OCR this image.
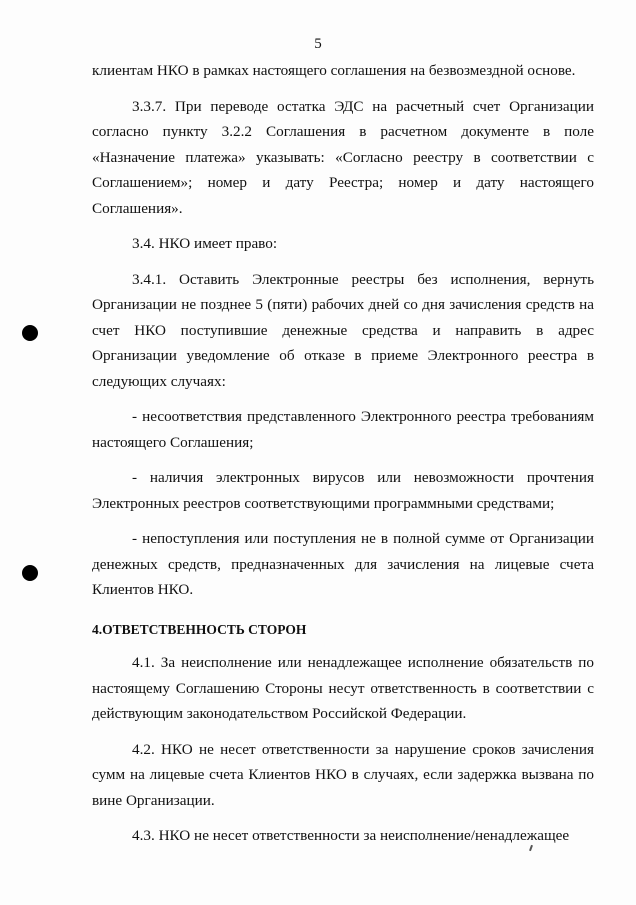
5

клиентам НКО в рамках настоящего соглашения на безвозмездной основе.

3.3.7. При переводе остатка ЭДС на расчетный счет Организации согласно пункту 3.2.2 Соглашения в расчетном документе в поле «Назначение платежа» указывать: «Согласно реестру в соответствии с Соглашением»; номер и дату Реестра; номер и дату настоящего Соглашения».

3.4. НКО имеет право:

3.4.1. Оставить Электронные реестры без исполнения, вернуть Организации не позднее 5 (пяти) рабочих дней со дня зачисления средств на счет НКО поступившие денежные средства и направить в адрес Организации уведомление об отказе в приеме Электронного реестра в следующих случаях:

- несоответствия представленного Электронного реестра требованиям настоящего Соглашения;

- наличия электронных вирусов или невозможности прочтения Электронных реестров соответствующими программными средствами;

- непоступления или поступления не в полной сумме от Организации денежных средств, предназначенных для зачисления на лицевые счета Клиентов НКО.

4.ОТВЕТСТВЕННОСТЬ СТОРОН

4.1. За неисполнение или ненадлежащее исполнение обязательств по настоящему Соглашению Стороны несут ответственность в соответствии с действующим законодательством Российской Федерации.

4.2. НКО не несет ответственности за нарушение сроков зачисления сумм на лицевые счета Клиентов НКО в случаях, если задержка вызвана по вине Организации.

4.3. НКО не несет ответственности за неисполнение/ненадлежащее
